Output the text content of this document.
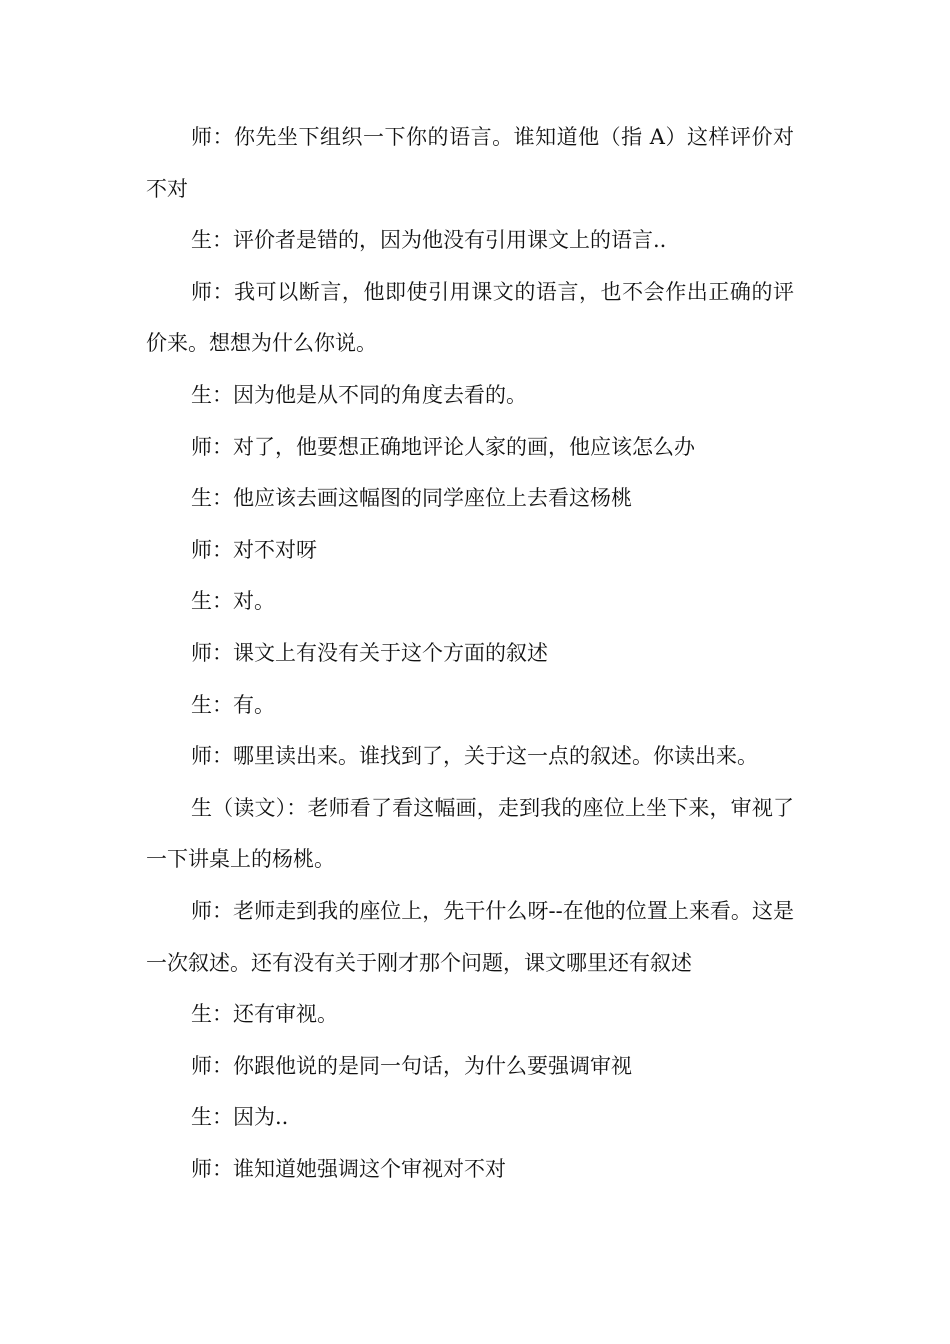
师：你先坐下组织一下你的语言。谁知道他（指 A）这样评价对不对

生：评价者是错的，因为他没有引用课文上的语言..

师：我可以断言，他即使引用课文的语言，也不会作出正确的评价来。想想为什么你说。

生：因为他是从不同的角度去看的。

师：对了，他要想正确地评论人家的画，他应该怎么办

生：他应该去画这幅图的同学座位上去看这杨桃

师：对不对呀

生：对。

师：课文上有没有关于这个方面的叙述

生：有。

师：哪里读出来。谁找到了，关于这一点的叙述。你读出来。

生（读文）：老师看了看这幅画，走到我的座位上坐下来，审视了一下讲桌上的杨桃。

师：老师走到我的座位上，先干什么呀--在他的位置上来看。这是一次叙述。还有没有关于刚才那个问题，课文哪里还有叙述

生：还有审视。

师：你跟他说的是同一句话，为什么要强调审视

生：因为..

师：谁知道她强调这个审视对不对
